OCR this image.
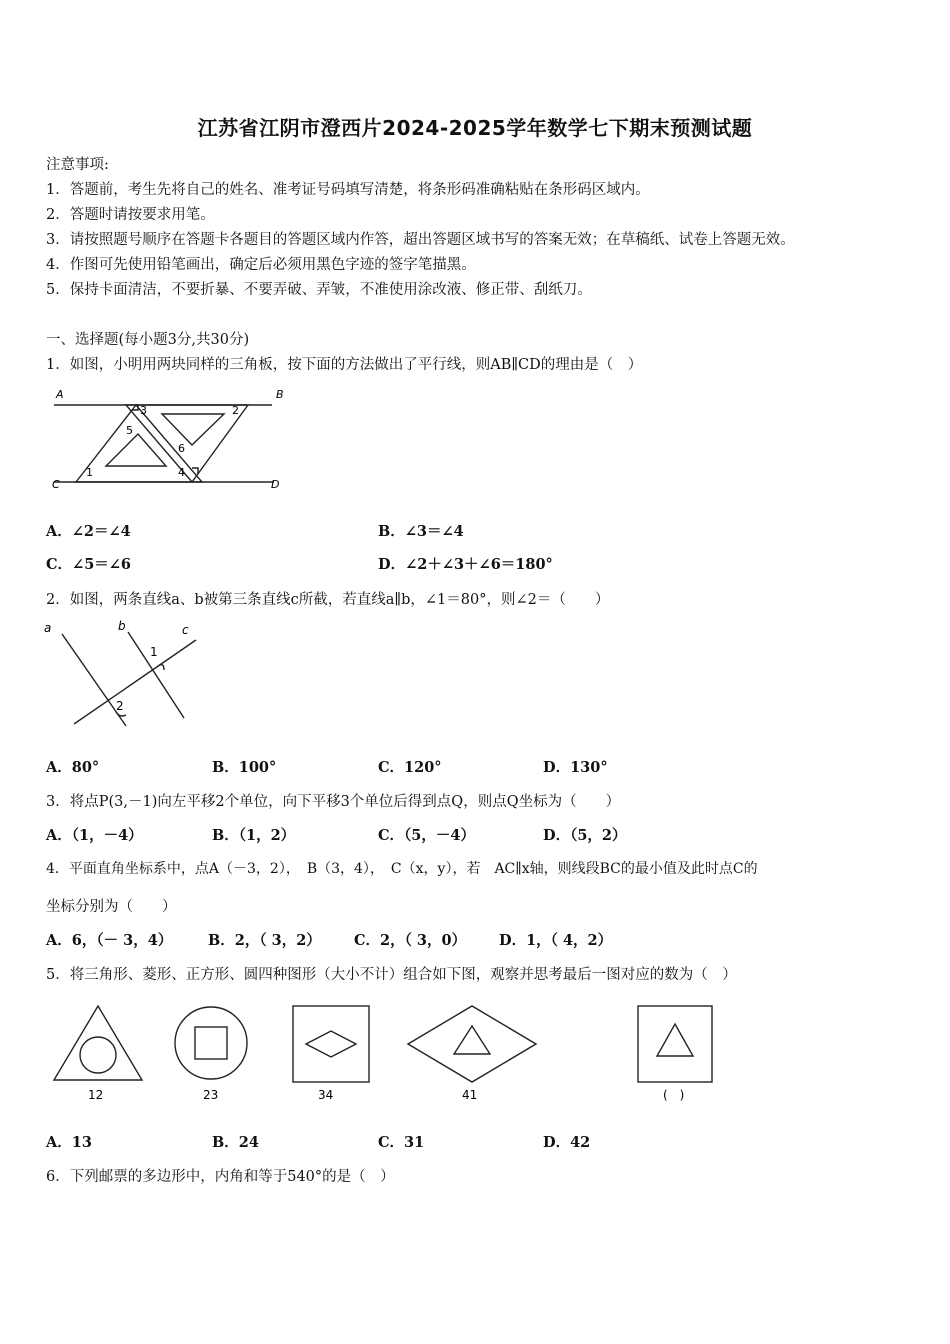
江苏省江阴市澄西片2024-2025学年数学七下期末预测试题
注意事项:
1．答题前，考生先将自己的姓名、准考证号码填写清楚，将条形码准确粘贴在条形码区域内。
2．答题时请按要求用笔。
3．请按照题号顺序在答题卡各题目的答题区域内作答，超出答题区域书写的答案无效；在草稿纸、试卷上答题无效。
4．作图可先使用铅笔画出，确定后必须用黑色字迹的签字笔描黑。
5．保持卡面清洁，不要折暴、不要弄破、弄皱，不准使用涂改液、修正带、刮纸刀。
一、选择题(每小题3分,共30分)
1．如图，小明用两块同样的三角板，按下面的方法做出了平行线，则AB∥CD的理由是（　）
A	B
C	D
1
2
3
4
5
6
A．∠2＝∠4	B．∠3＝∠4
C．∠5＝∠6	D．∠2＋∠3＋∠6＝180°
2．如图，两条直线a、b被第三条直线c所截，若直线a∥b，∠1＝80°，则∠2＝（　　）
a	b	c
1
2
A．80°	B．100°	C．120°	D．130°
3．将点P(3,－1)向左平移2个单位，向下平移3个单位后得到点Q，则点Q坐标为（　　）
A．（1，－4）	B．（1，2）	C．（5，－4）	D．（5，2）
4．平面直角坐标系中，点A（－3，2），　B（3，4），　C（x，y），若　AC∥x轴，则线段BC的最小值及此时点C的
坐标分别为（　　）
A．6，（－ 3，4） B．2，（ 3，2） C．2，（ 3，0） D．1，（ 4，2）
5．将三角形、菱形、正方形、圆四种图形（大小不计）组合如下图，观察并思考最后一图对应的数为（　）
12	23	34	41	(　)
A．13	B．24	C．31	D．42
6．下列邮票的多边形中，内角和等于540°的是（　）
